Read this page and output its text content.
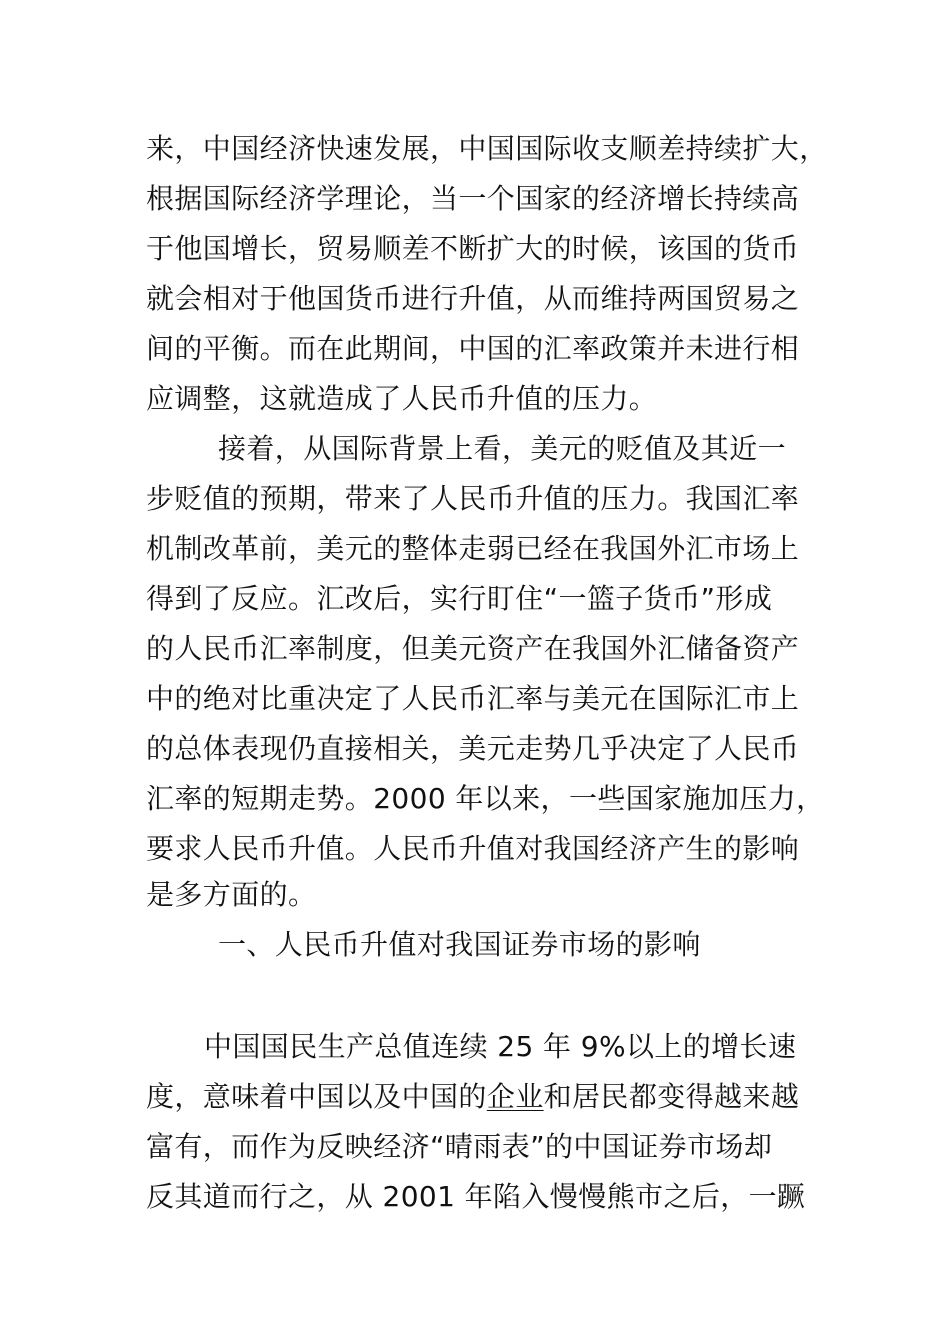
来，中国经济快速发展，中国国际收支顺差持续扩大，
根据国际经济学理论，当一个国家的经济增长持续高
于他国增长，贸易顺差不断扩大的时候，该国的货币
就会相对于他国货币进行升值，从而维持两国贸易之
间的平衡。而在此期间，中国的汇率政策并未进行相
应调整，这就造成了人民币升值的压力。
接着，从国际背景上看，美元的贬值及其近一
步贬值的预期，带来了人民币升值的压力。我国汇率
机制改革前，美元的整体走弱已经在我国外汇市场上
得到了反应。汇改后，实行盯住“一篮子货币”形成
的人民币汇率制度，但美元资产在我国外汇储备资产
中的绝对比重决定了人民币汇率与美元在国际汇市上
的总体表现仍直接相关，美元走势几乎决定了人民币
汇率的短期走势。2000 年以来，一些国家施加压力，
要求人民币升值。人民币升值对我国经济产生的影响
是多方面的。
一、人民币升值对我国证券市场的影响
中国国民生产总值连续 25 年 9%以上的增长速
度，意味着中国以及中国的企业和居民都变得越来越
富有，而作为反映经济“晴雨表”的中国证券市场却
反其道而行之，从 2001 年陷入慢慢熊市之后，一蹶
